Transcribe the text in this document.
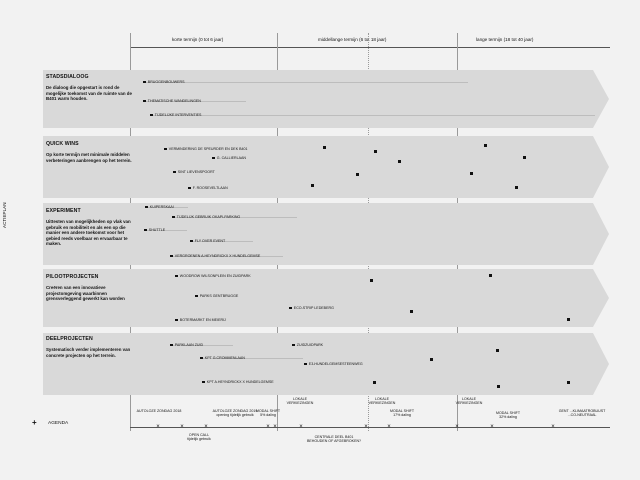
korte termijn (0 tot 6 jaar)	middellange termijn (6 tot 18 jaar)	lange termijn (18 tot 40 jaar)
ACTIEPLAN
STADSDIALOOG
De dialoog die opgestart is rond de mogelijke toekomst van de ruimte van de B401 warm houden.
BRUGGENBOUWERS
THEMATISCHE WANDELINGEN
TIJDELIJKE INTERVENTIES
QUICK WINS
Op korte termijn met minimale middelen verbeteringen aanbrengen op het terrein.
VERMINDERING DE SPEURDER EN DEK B401
G. CALLIERLAAN
SINT LIEVENSPOORT
F. ROOSEVELTLAAN
EXPERIMENT
Uittesten van mogelijkheden op vlak van gebruik en mobiliteit en als een op die manier een andere toekomst voor het gebied reeds voelbaar en ervaarbaar te maken.
KUIPERSKAAI
TIJDELIJK GEBRUIK OKAPI-PARKING
SHUTTLE
FLY OVER EVENT
VERGROENEN A.HEYNDRICKX X HUNDELGEMSE
PILOOTPROJECTEN
Creëren van een innovatieve projectomgeving waarbinnen grensverleggend gewerkt kan worden
WOODROW WILSONPLEIN EN ZUIDPARK
PARKS GENTBRUGGE
ECO-STRIP LEDEBERG
BOTERMARKT EN MEIERIJ
DEELPROJECTEN
Systematisch verder implementeren van concrete projecten op het terrein.
PARKLAAN ZUID	ZUIDZUIDPARK
KPT G.CROMMENLAAN
E3-HUNDELGEMSESTEENWEG
KPT A.HEYNDRICKX X HUNDELGEMSE
+ AGENDA
AUTOLOZE ZONDAG 2018	AUTOLOZE ZONDAG 2019
opening tijdelijk gebruik
MODAL SHIFT
5% daling
LOKALE
VERKIEZINGEN
LOKALE
VERKIEZINGEN
MODAL SHIFT
17% daling
LOKALE
VERKIEZINGEN
MODAL SHIFT
32% daling
GENT ...KLIMAATROBUUST
...CO-NEUTRAAL
×	×	×	× ×	×	×	×	×	×	×
OPEN CALL
tijdelijk gebruik
CENTRALE DEEL B401
BEHOUDEN OF AFGEBROKEN?
